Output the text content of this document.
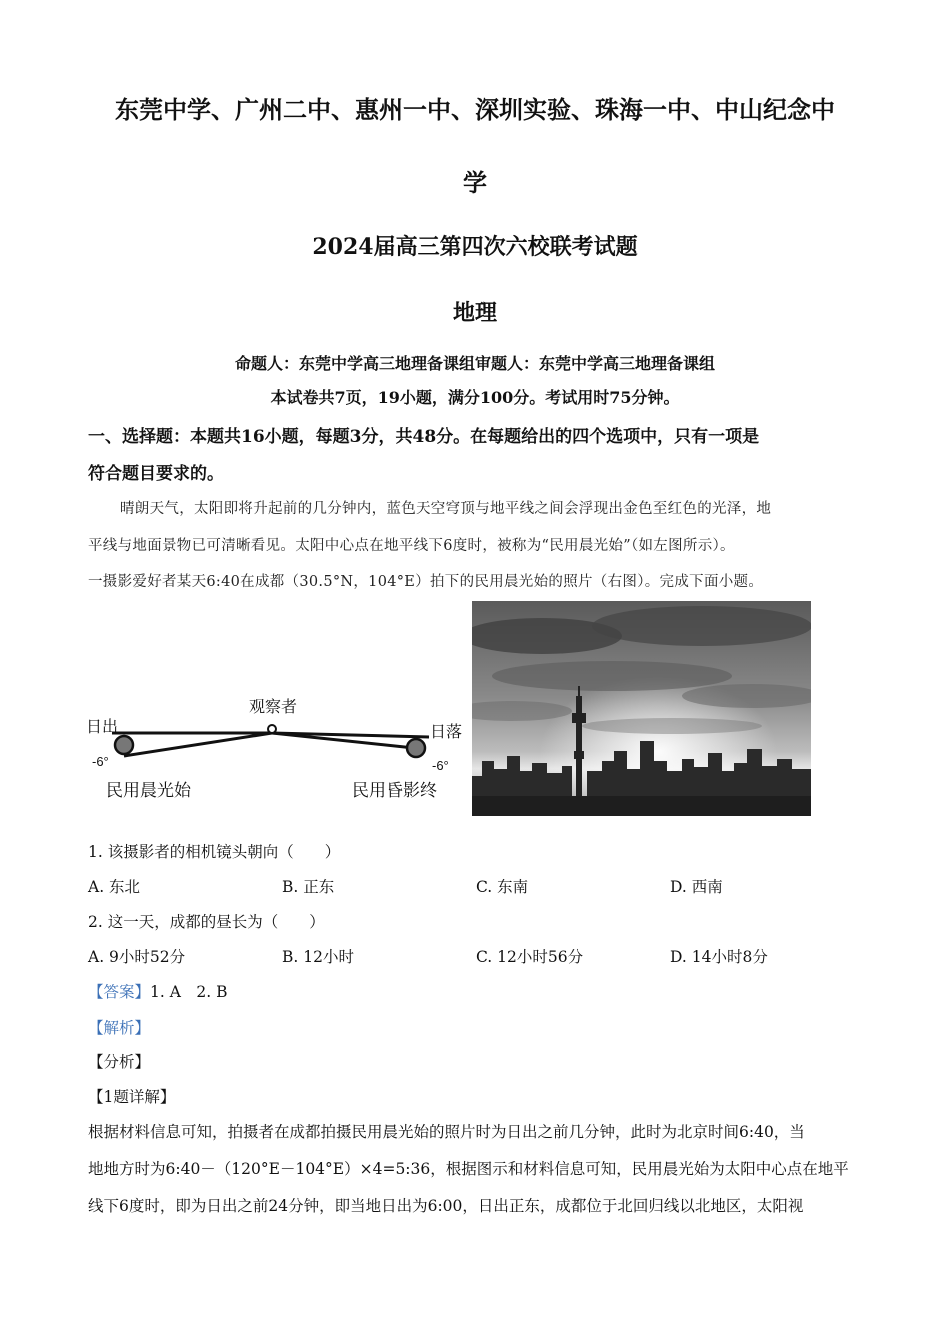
东莞中学、广州二中、惠州一中、深圳实验、珠海一中、中山纪念中
学
2024届高三第四次六校联考试题
地理
命题人：东莞中学高三地理备课组审题人：东莞中学高三地理备课组
本试卷共7页，19小题，满分100分。考试用时75分钟。
一、选择题：本题共16小题，每题3分，共48分。在每题给出的四个选项中，只有一项是
符合题目要求的。
晴朗天气，太阳即将升起前的几分钟内，蓝色天空穹顶与地平线之间会浮现出金色至红色的光泽，地
平线与地面景物已可清晰看见。太阳中心点在地平线下6度时，被称为“民用晨光始”（如左图所示）。
一摄影爱好者某天6:40在成都（30.5°N，104°E）拍下的民用晨光始的照片（右图）。完成下面小题。
观察者
日出	日落
-6°	-6°
民用晨光始	民用昏影终
1. 该摄影者的相机镜头朝向（　　）
A. 东北	B. 正东	C. 东南	D. 西南
2. 这一天，成都的昼长为（　　）
A. 9小时52分	B. 12小时	C. 12小时56分	D. 14小时8分
【答案】1. A　2. B
【解析】
【分析】
【1题详解】
根据材料信息可知，拍摄者在成都拍摄民用晨光始的照片时为日出之前几分钟，此时为北京时间6:40，当
地地方时为6:40－（120°E－104°E）×4=5:36，根据图示和材料信息可知，民用晨光始为太阳中心点在地平
线下6度时，即为日出之前24分钟，即当地日出为6:00，日出正东，成都位于北回归线以北地区，太阳视
